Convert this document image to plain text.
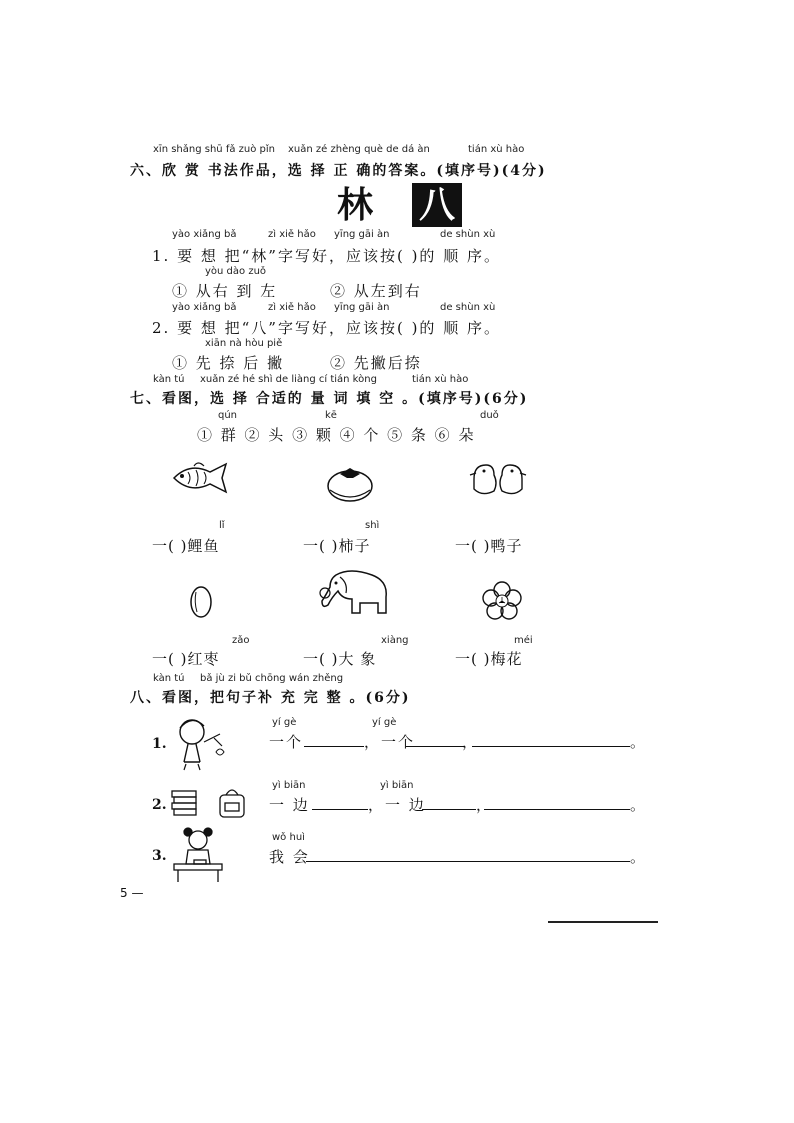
xīn shǎng shū fǎ zuò pǐn xuǎn zé zhèng què de dá àn	tián xù hào
六、欣 赏 书法作品，选 择 正 确的答案。(填序号)(4分)
林 八
yào xiǎng bǎ	zì xiě hǎo yīng gāi àn	de shùn xù
1. 要 想 把“林”字写好，应该按( )的 顺 序。
yòu dào zuǒ
① 从右 到 左	② 从左到右
yào xiǎng bǎ	zì xiě hǎo yīng gāi àn	de shùn xù
2. 要 想 把“八”字写好，应该按( )的 顺 序。
xiān nà hòu piě
① 先 捺 后 撇	② 先撇后捺
kàn tú xuǎn zé hé shì de liàng cí tián kòng	tián xù hào
七、看图，选 择 合适的 量 词 填 空 。(填序号)(6分)
qún	kē	duǒ
① 群 ② 头 ③ 颗 ④ 个 ⑤ 条 ⑥ 朵
lǐ	shì
一( )鲤鱼	一( )柿子	一( )鸭子
zǎo	xiàng	méi
一( )红枣	一( )大 象	一( )梅花
kàn tú bǎ jù zi bǔ chōng wán zhěng
八、看图，把句子补 充 完 整 。(6分)
1.
yí gè	yí gè
一个	，一个	，	。
2.
yì biān	yì biān
一 边	，一 边	，	。
3.
wǒ huì
我 会	。
5 —
